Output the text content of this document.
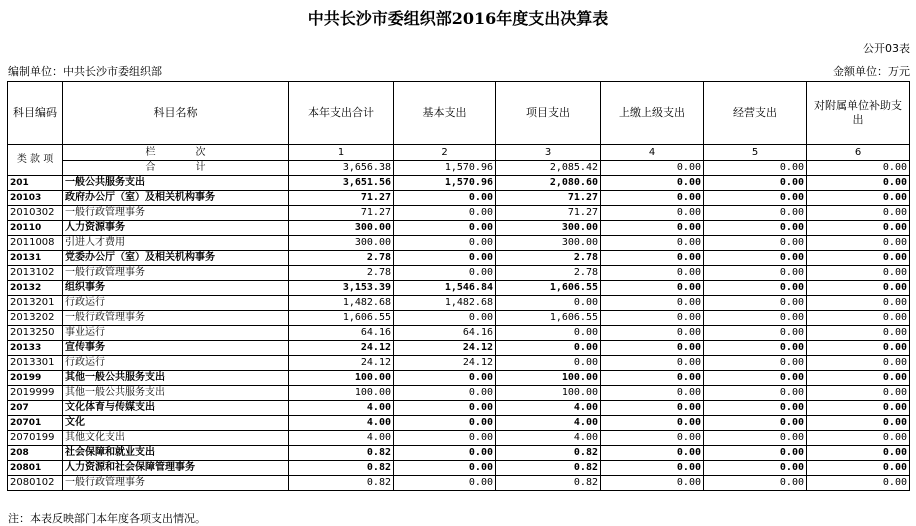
中共长沙市委组织部2016年度支出决算表
公开03表
编制单位：中共长沙市委组织部	金额单位：万元
科目编码	科目名称	本年支出合计	基本支出	项目支出	上缴上级支出	经营支出	对附属单位补助支出
类 款 项	栏　　　　次	1	2	3	4	5	6
	合　　　　计	3,656.38	1,570.96	2,085.42	0.00	0.00	0.00
201	一般公共服务支出	3,651.56	1,570.96	2,080.60	0.00	0.00	0.00
20103	政府办公厅（室）及相关机构事务	71.27	0.00	71.27	0.00	0.00	0.00
2010302	一般行政管理事务	71.27	0.00	71.27	0.00	0.00	0.00
20110	人力资源事务	300.00	0.00	300.00	0.00	0.00	0.00
2011008	引进人才费用	300.00	0.00	300.00	0.00	0.00	0.00
20131	党委办公厅（室）及相关机构事务	2.78	0.00	2.78	0.00	0.00	0.00
2013102	一般行政管理事务	2.78	0.00	2.78	0.00	0.00	0.00
20132	组织事务	3,153.39	1,546.84	1,606.55	0.00	0.00	0.00
2013201	行政运行	1,482.68	1,482.68	0.00	0.00	0.00	0.00
2013202	一般行政管理事务	1,606.55	0.00	1,606.55	0.00	0.00	0.00
2013250	事业运行	64.16	64.16	0.00	0.00	0.00	0.00
20133	宣传事务	24.12	24.12	0.00	0.00	0.00	0.00
2013301	行政运行	24.12	24.12	0.00	0.00	0.00	0.00
20199	其他一般公共服务支出	100.00	0.00	100.00	0.00	0.00	0.00
2019999	其他一般公共服务支出	100.00	0.00	100.00	0.00	0.00	0.00
207	文化体育与传媒支出	4.00	0.00	4.00	0.00	0.00	0.00
20701	文化	4.00	0.00	4.00	0.00	0.00	0.00
2070199	其他文化支出	4.00	0.00	4.00	0.00	0.00	0.00
208	社会保障和就业支出	0.82	0.00	0.82	0.00	0.00	0.00
20801	人力资源和社会保障管理事务	0.82	0.00	0.82	0.00	0.00	0.00
2080102	一般行政管理事务	0.82	0.00	0.82	0.00	0.00	0.00
注：本表反映部门本年度各项支出情况。
